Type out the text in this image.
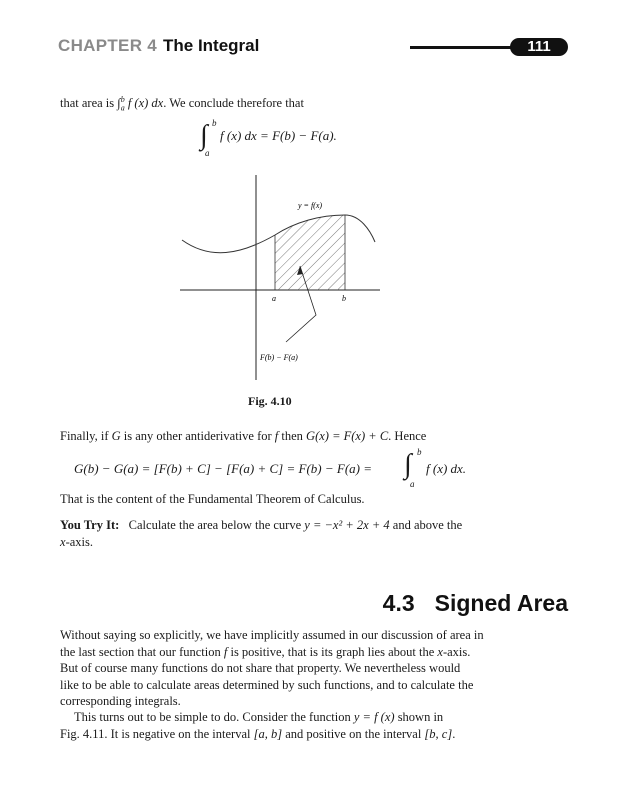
CHAPTER 4 The Integral	111
that area is $\int_a^b$ f (x) dx. We conclude therefore that
∫ b
a
f (x) dx = F(b) − F(a).
y = f(x)
a	b
F(b) − F(a)
Fig. 4.10
Finally, if G is any other antiderivative for f then G(x) = F(x) + C. Hence
G(b) − G(a) = [F(b) + C] − [F(a) + C] = F(b) − F(a) = ∫ b
a
f (x) dx.
That is the content of the Fundamental Theorem of Calculus.
You Try It: Calculate the area below the curve y = −x² + 2x + 4 and above the
x-axis.
4.3 Signed Area
Without saying so explicitly, we have implicitly assumed in our discussion of area in
the last section that our function f is positive, that is its graph lies about the x-axis.
But of course many functions do not share that property. We nevertheless would
like to be able to calculate areas determined by such functions, and to calculate the
corresponding integrals.
This turns out to be simple to do. Consider the function y = f (x) shown in
Fig. 4.11. It is negative on the interval [a, b] and positive on the interval [b, c].
